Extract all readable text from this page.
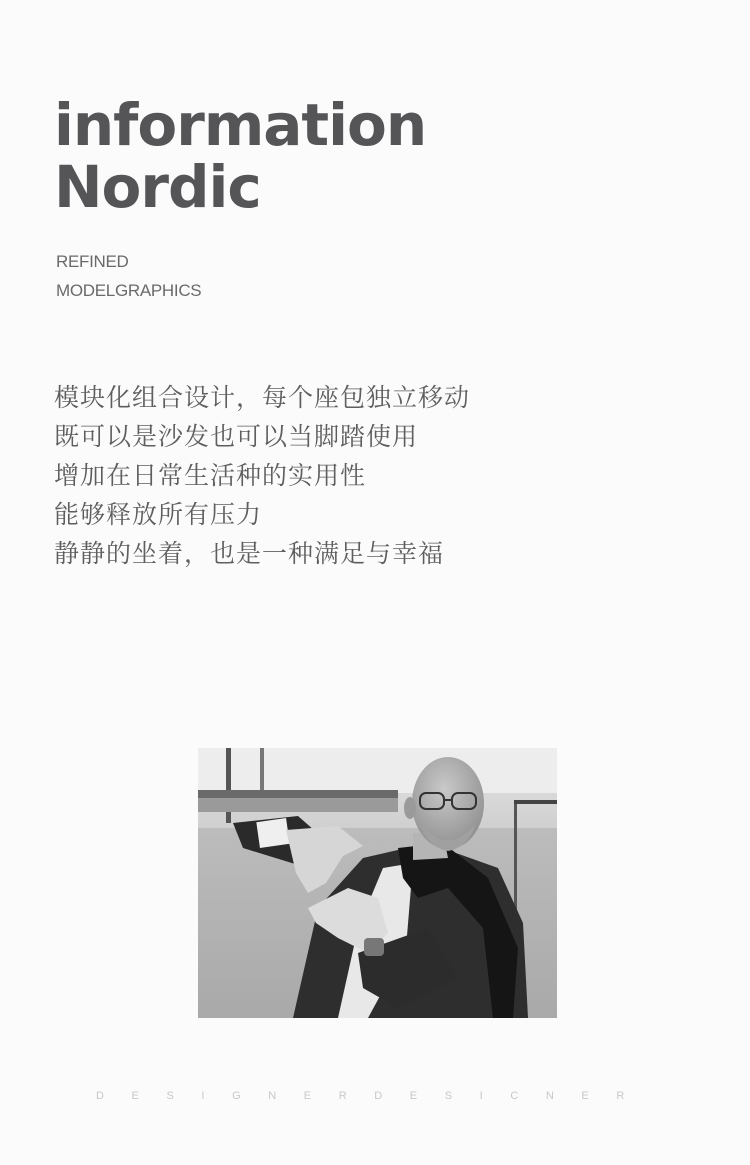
information
Nordic
REFINED
MODELGRAPHICS
模块化组合设计，每个座包独立移动
既可以是沙发也可以当脚踏使用
增加在日常生活种的实用性
能够释放所有压力
静静的坐着，也是一种满足与幸福
DESIGNERDESICNER
